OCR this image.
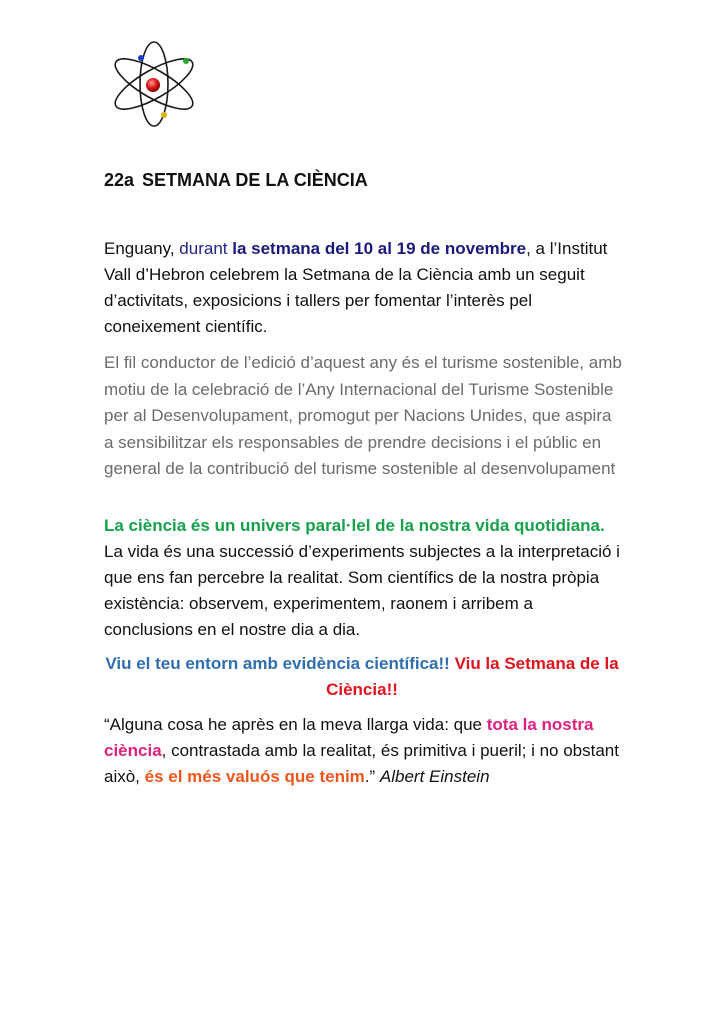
22a SETMANA DE LA CIÈNCIA

Enguany, durant la setmana del 10 al 19 de novembre, a l’Institut Vall d’Hebron celebrem la Setmana de la Ciència amb un seguit d’activitats, exposicions i tallers per fomentar l’interès pel coneixement científic.

El fil conductor de l’edició d’aquest any és el turisme sostenible, amb motiu de la celebració de l’Any Internacional del Turisme Sostenible per al Desenvolupament, promogut per Nacions Unides, que aspira a sensibilitzar els responsables de prendre decisions i el públic en general de la contribució del turisme sostenible al desenvolupament

La ciència és un univers paral·lel de la nostra vida quotidiana. La vida és una successió d’experiments subjectes a la interpretació i que ens fan percebre la realitat. Som científics de la nostra pròpia existència: observem, experimentem, raonem i arribem a conclusions en el nostre dia a dia.

Viu el teu entorn amb evidència científica!! Viu la Setmana de la Ciència!!

“Alguna cosa he après en la meva llarga vida: que tota la nostra ciència, contrastada amb la realitat, és primitiva i pueril; i no obstant això, és el més valuós que tenim.” Albert Einstein
